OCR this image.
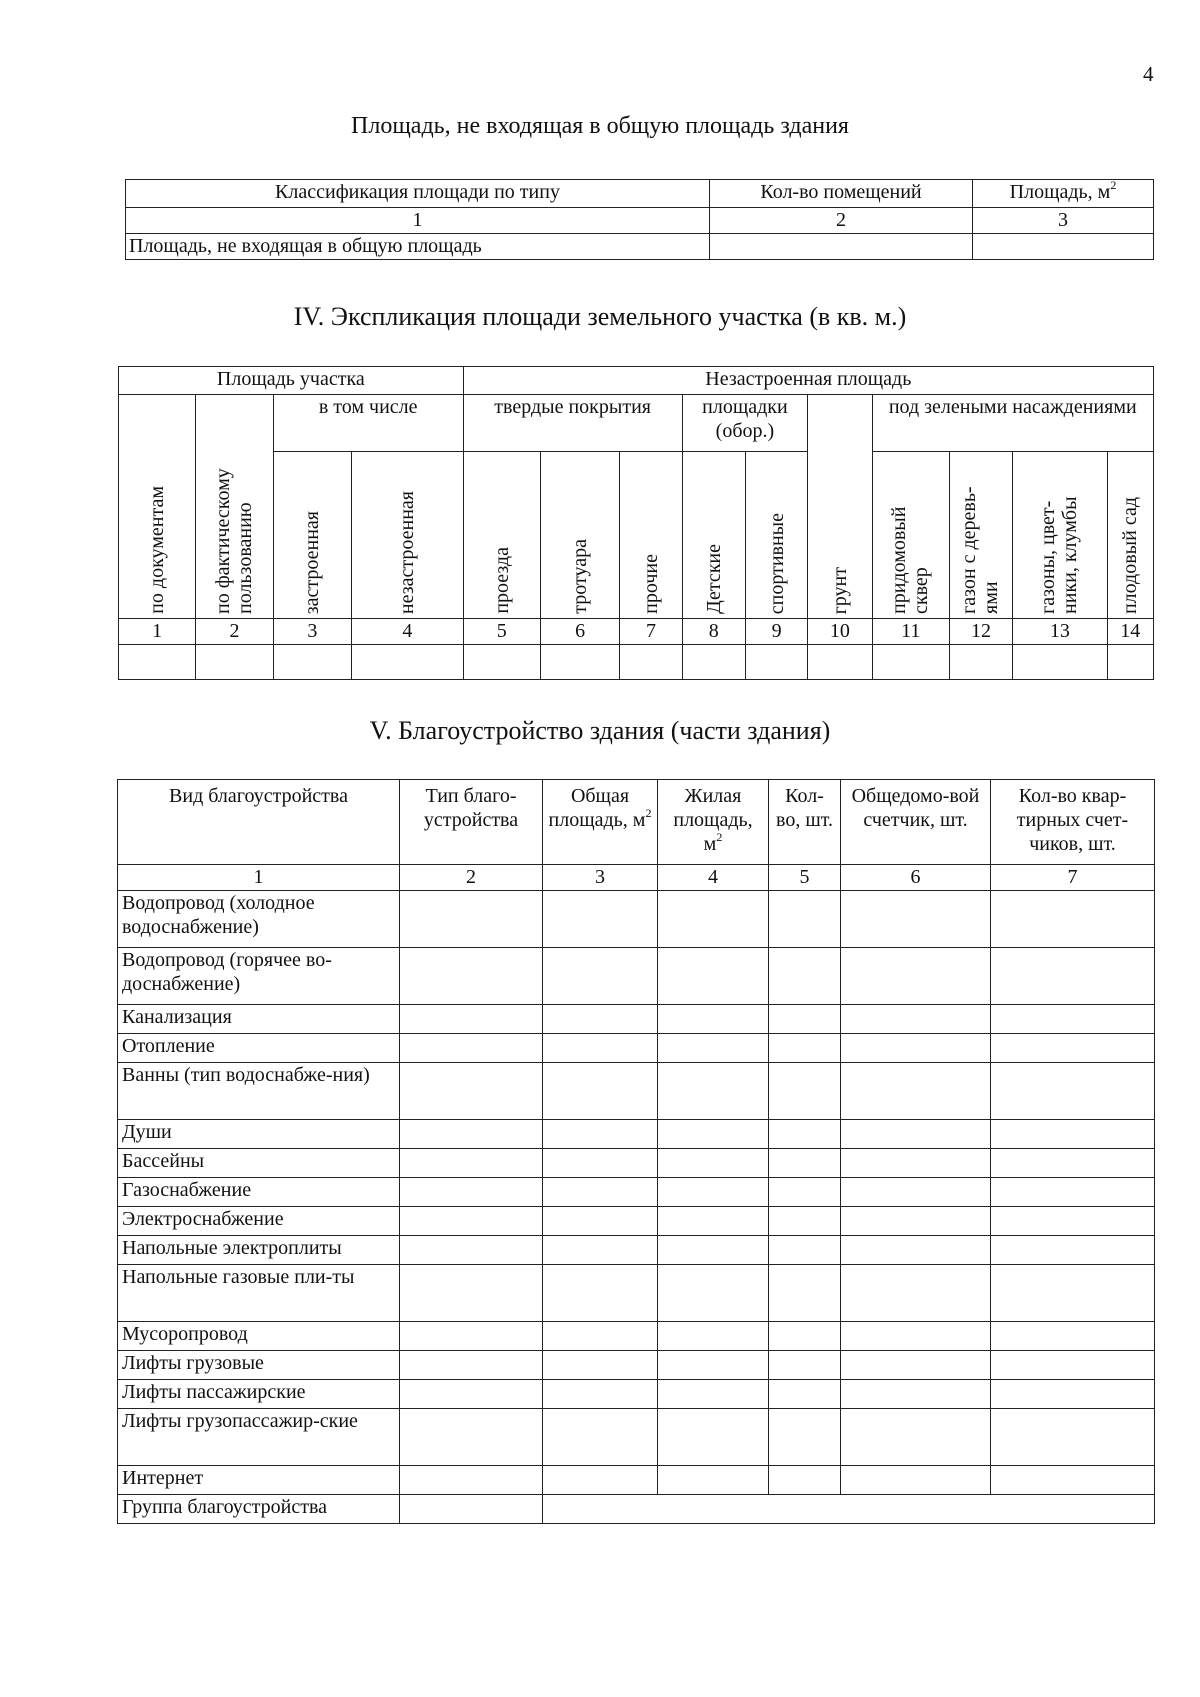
4
Площадь, не входящая в общую площадь здания
Классификация площади по типу	Кол-во помещений	Площадь, $м^2$
1	2	3
Площадь, не входящая в общую площадь		
IV. Экспликация площади земельного участка (в кв. м.)
Площадь участка				Незастроенная площадь									

по документам	по фактическому пользованию	в том числе		твердые покрытия			площадки (обор.)		грунт	под зелеными насаждениями			

		застроенная	незастроенная	проезда	тротуара	прочие	Детские	спортивные		придомовый сквер	газон с деревь-ями	газоны, цвет-ники, клумбы	плодовый сад

1	2	3	4	5	6	7	8	9	10	11	12	13	14

V. Благоустройство здания (части здания)
Вид благоустройства	Тип благо-устройства	Общая площадь, $м^2$	Жилая площадь, $м^2$	Кол-во, шт.	Общедомо-вой счетчик, шт.	Кол-во квар-тирных счет-чиков, шт.
1	2	3	4	5	6	7
Водопровод (холодное водоснабжение)						
Водопровод (горячее во-доснабжение)						
Канализация						
Отопление						
Ванны (тип водоснабже-ния)						
Души						
Бассейны						
Газоснабжение						
Электроснабжение						
Напольные электроплиты						
Напольные газовые пли-ты						
Мусоропровод						
Лифты грузовые						
Лифты пассажирские						
Лифты грузопассажир-ские						
Интернет						
Группа благоустройства						
